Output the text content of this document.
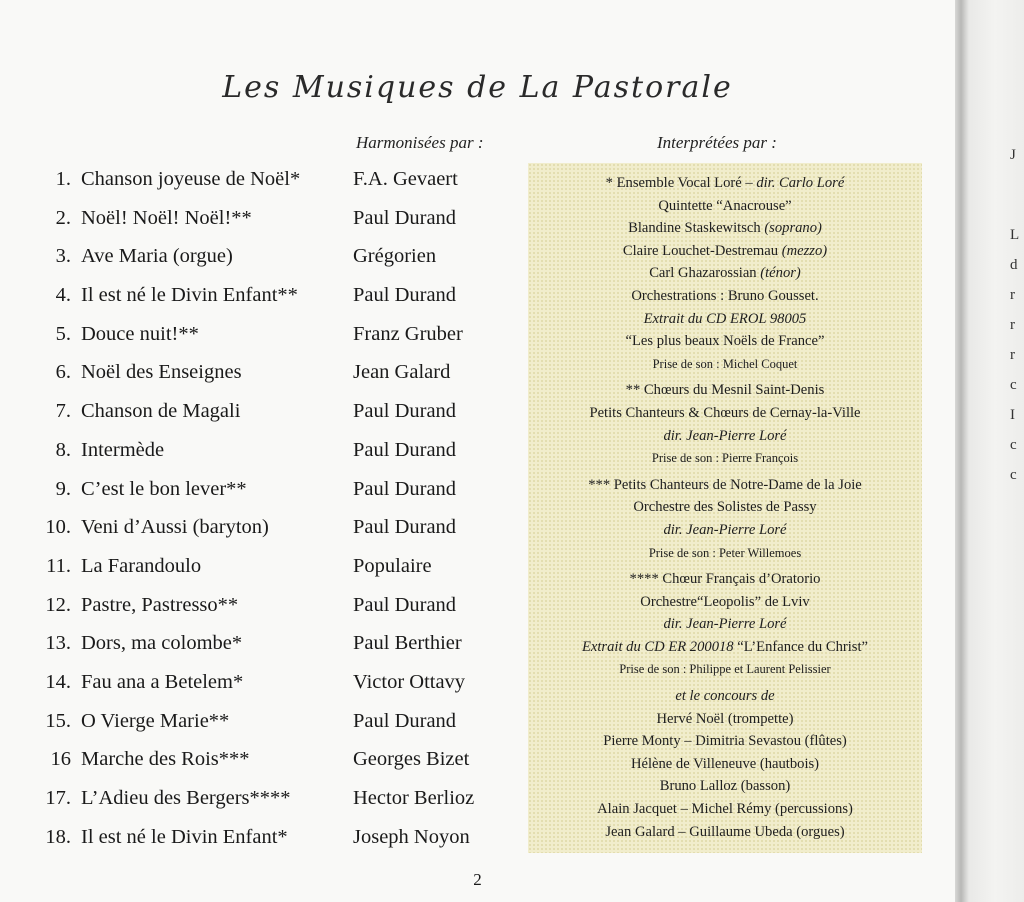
Les Musiques de La Pastorale
Harmonisées par :	Interprétées par :
1. Chanson joyeuse de Noël*	F.A. Gevaert
2. Noël! Noël! Noël!**	Paul Durand
3. Ave Maria (orgue)	Grégorien
4. Il est né le Divin Enfant**	Paul Durand
5. Douce nuit!**	Franz Gruber
6. Noël des Enseignes	Jean Galard
7. Chanson de Magali	Paul Durand
8. Intermède	Paul Durand
9. C’est le bon lever**	Paul Durand
10. Veni d’Aussi (baryton)	Paul Durand
11. La Farandoulo	Populaire
12. Pastre, Pastresso**	Paul Durand
13. Dors, ma colombe*	Paul Berthier
14. Fau ana a Betelem*	Victor Ottavy
15. O Vierge Marie**	Paul Durand
16 Marche des Rois***	Georges Bizet
17. L’Adieu des Bergers****	Hector Berlioz
18. Il est né le Divin Enfant*	Joseph Noyon
* Ensemble Vocal Loré – dir. Carlo Loré
Quintette “Anacrouse”
Blandine Staskewitsch (soprano)
Claire Louchet-Destremau (mezzo)
Carl Ghazarossian (ténor)
Orchestrations : Bruno Gousset.
Extrait du CD EROL 98005
“Les plus beaux Noëls de France”
Prise de son : Michel Coquet
** Chœurs du Mesnil Saint-Denis
Petits Chanteurs & Chœurs de Cernay-la-Ville
dir. Jean-Pierre Loré
Prise de son : Pierre François
*** Petits Chanteurs de Notre-Dame de la Joie
Orchestre des Solistes de Passy
dir. Jean-Pierre Loré
Prise de son : Peter Willemoes
**** Chœur Français d’Oratorio
Orchestre“Leopolis” de Lviv
dir. Jean-Pierre Loré
Extrait du CD ER 200018 “L’Enfance du Christ”
Prise de son : Philippe et Laurent Pelissier
et le concours de
Hervé Noël (trompette)
Pierre Monty – Dimitria Sevastou (flûtes)
Hélène de Villeneuve (hautbois)
Bruno Lalloz (basson)
Alain Jacquet – Michel Rémy (percussions)
Jean Galard – Guillaume Ubeda (orgues)
2
J
L
d
r
r
r
c
I
c
c
